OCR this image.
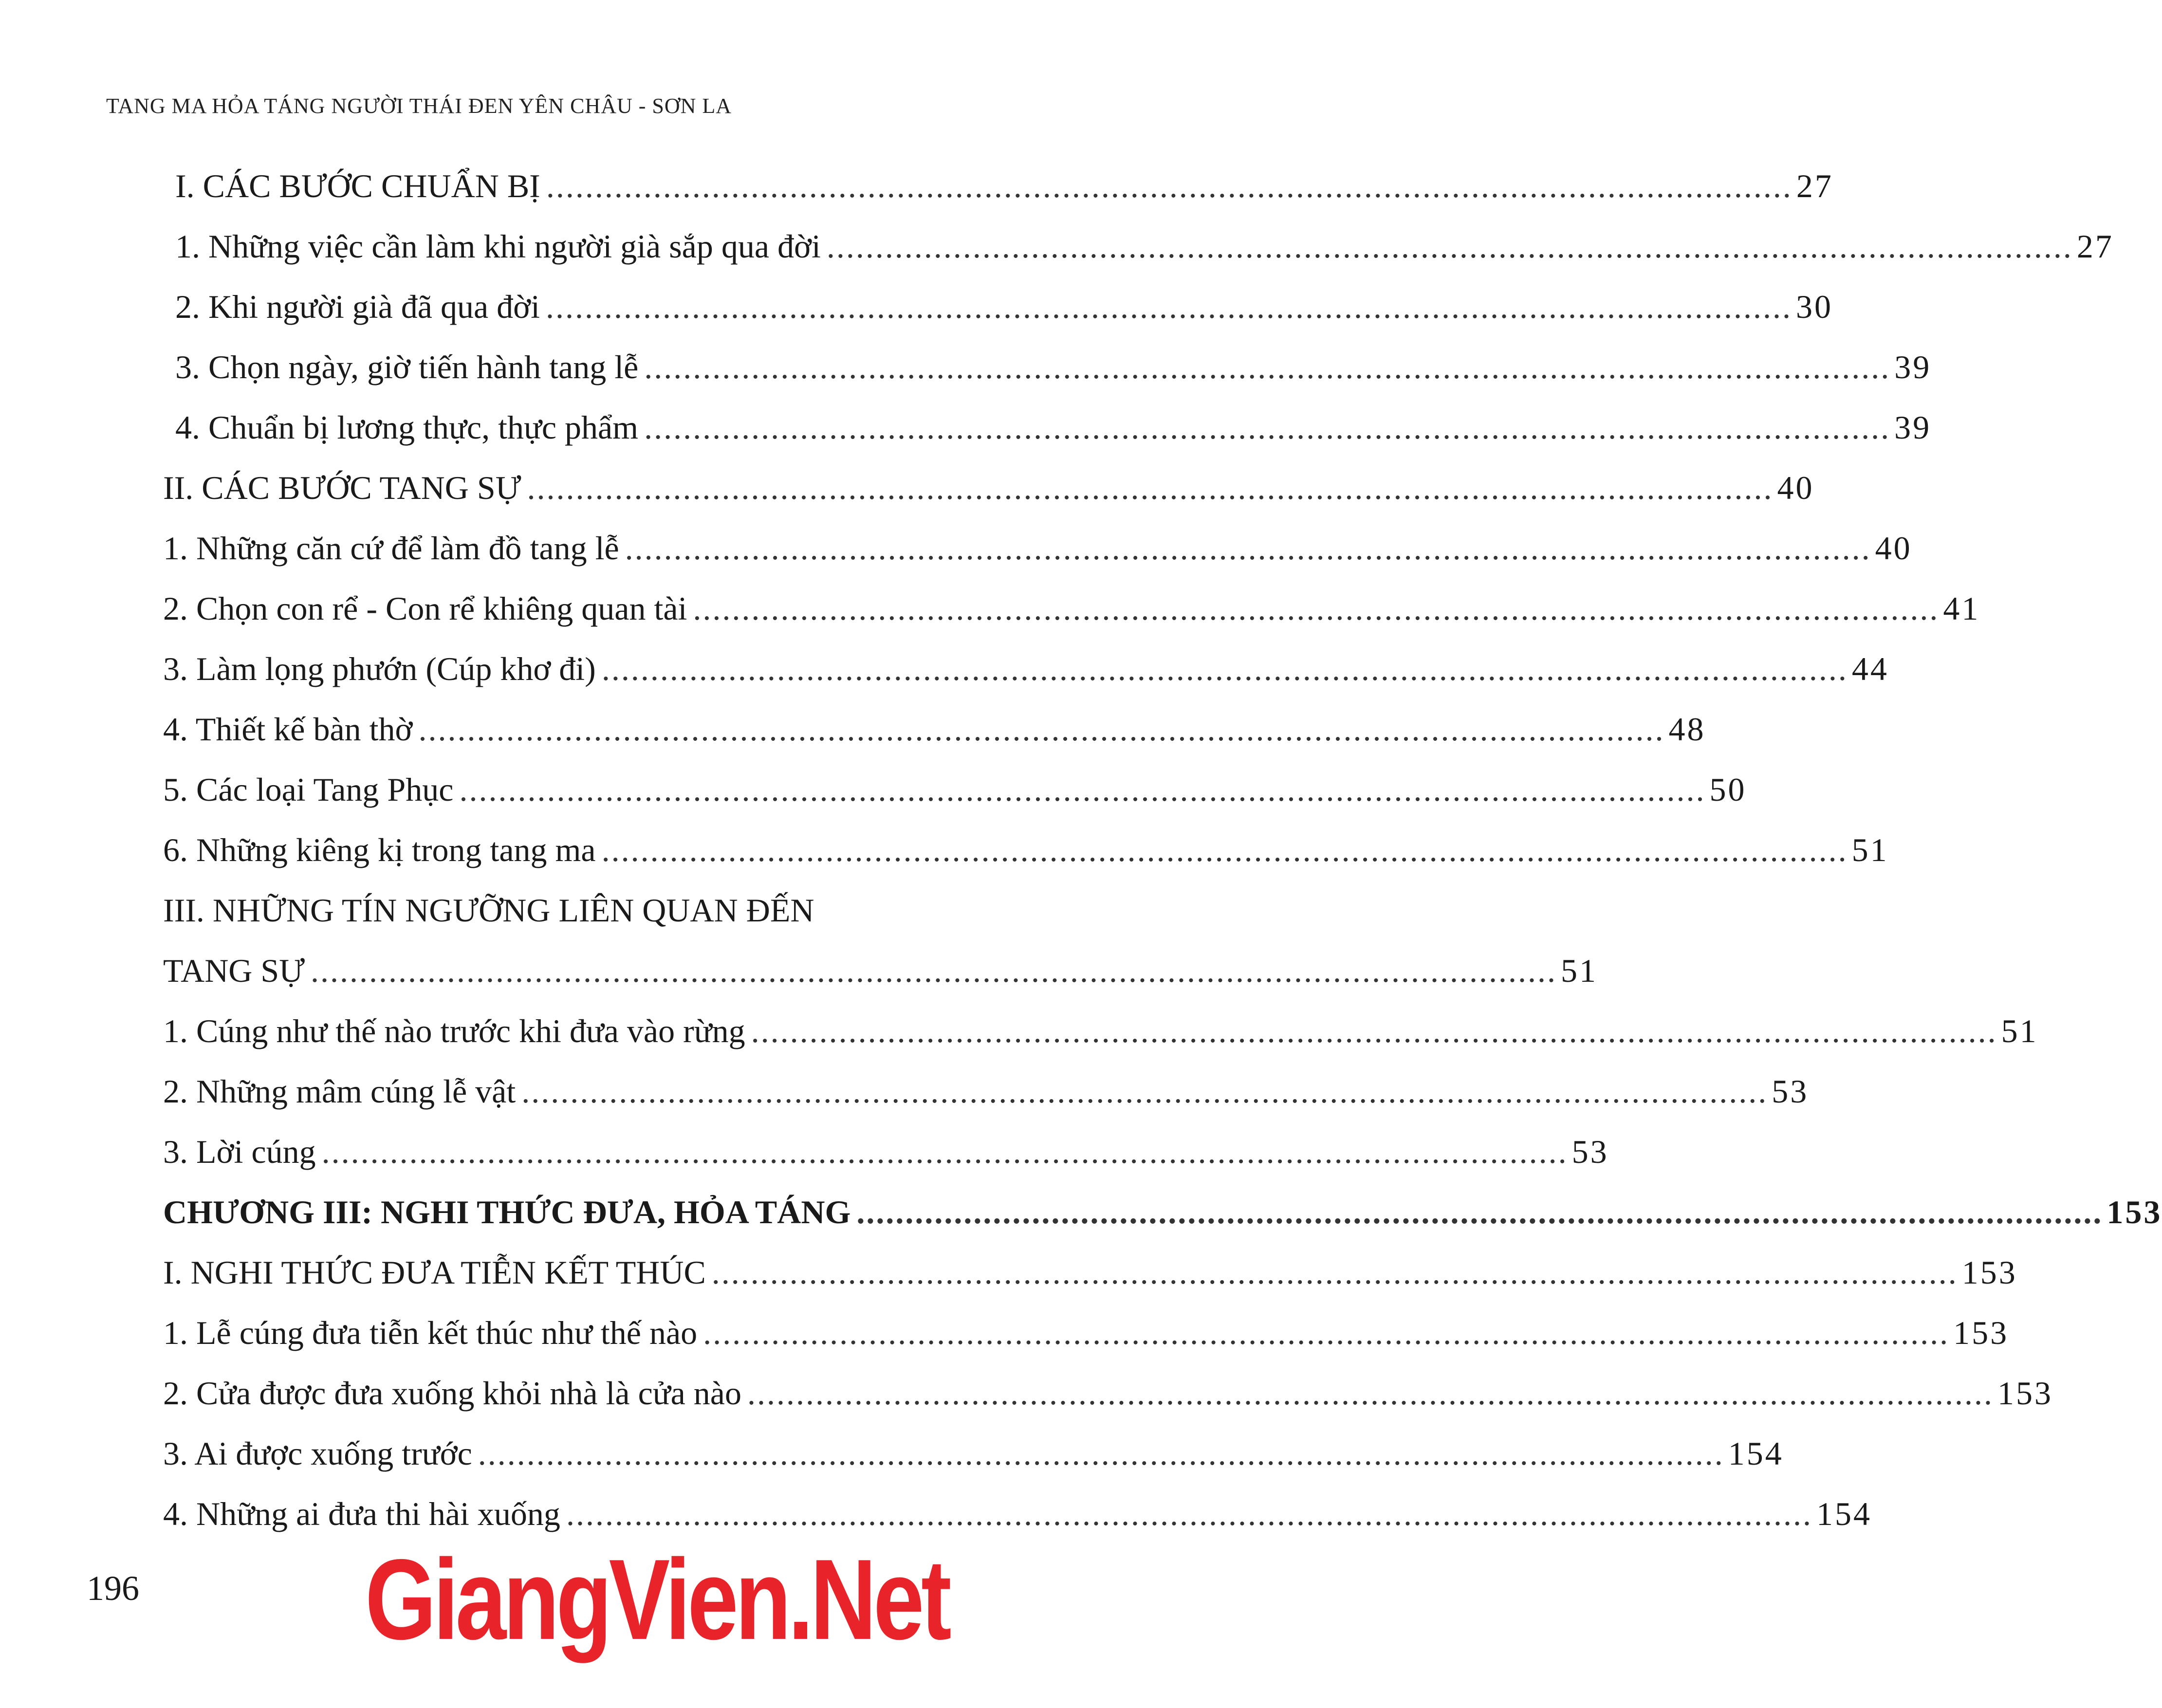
TANG MA HỎA TÁNG NGƯỜI THÁI ĐEN YÊN CHÂU - SƠN LA
I. CÁC BƯỚC CHUẨN BỊ ................................................................................................................................ 27
1. Những việc cần làm khi người già sắp qua đời ................................................................................................................................ 27
2. Khi người già đã qua đời ................................................................................................................................ 30
3. Chọn ngày, giờ tiến hành tang lễ ................................................................................................................................ 39
4. Chuẩn bị lương thực, thực phẩm ................................................................................................................................ 39
II. CÁC BƯỚC TANG SỰ ................................................................................................................................ 40
1. Những căn cứ để làm đồ tang lễ ................................................................................................................................ 40
2. Chọn con rể - Con rể khiêng quan tài ................................................................................................................................ 41
3. Làm lọng phướn (Cúp khơ đi) ................................................................................................................................ 44
4. Thiết kế bàn thờ ................................................................................................................................ 48
5. Các loại Tang Phục ................................................................................................................................ 50
6. Những kiêng kị trong tang ma ................................................................................................................................ 51
III. NHỮNG TÍN NGƯỠNG LIÊN QUAN ĐẾN
TANG SỰ ................................................................................................................................ 51
1. Cúng như thế nào trước khi đưa vào rừng ................................................................................................................................ 51
2. Những mâm cúng lễ vật ................................................................................................................................ 53
3. Lời cúng ................................................................................................................................ 53
CHƯƠNG III: NGHI THỨC ĐƯA, HỎA TÁNG ................................................................................................................................ 153
I. NGHI THỨC ĐƯA TIỄN KẾT THÚC ................................................................................................................................ 153
1. Lễ cúng đưa tiễn kết thúc như thế nào ................................................................................................................................ 153
2. Cửa được đưa xuống khỏi nhà là cửa nào ................................................................................................................................ 153
3. Ai được xuống trước ................................................................................................................................ 154
4. Những ai đưa thi hài xuống ................................................................................................................................ 154
196 GiangVien.Net
